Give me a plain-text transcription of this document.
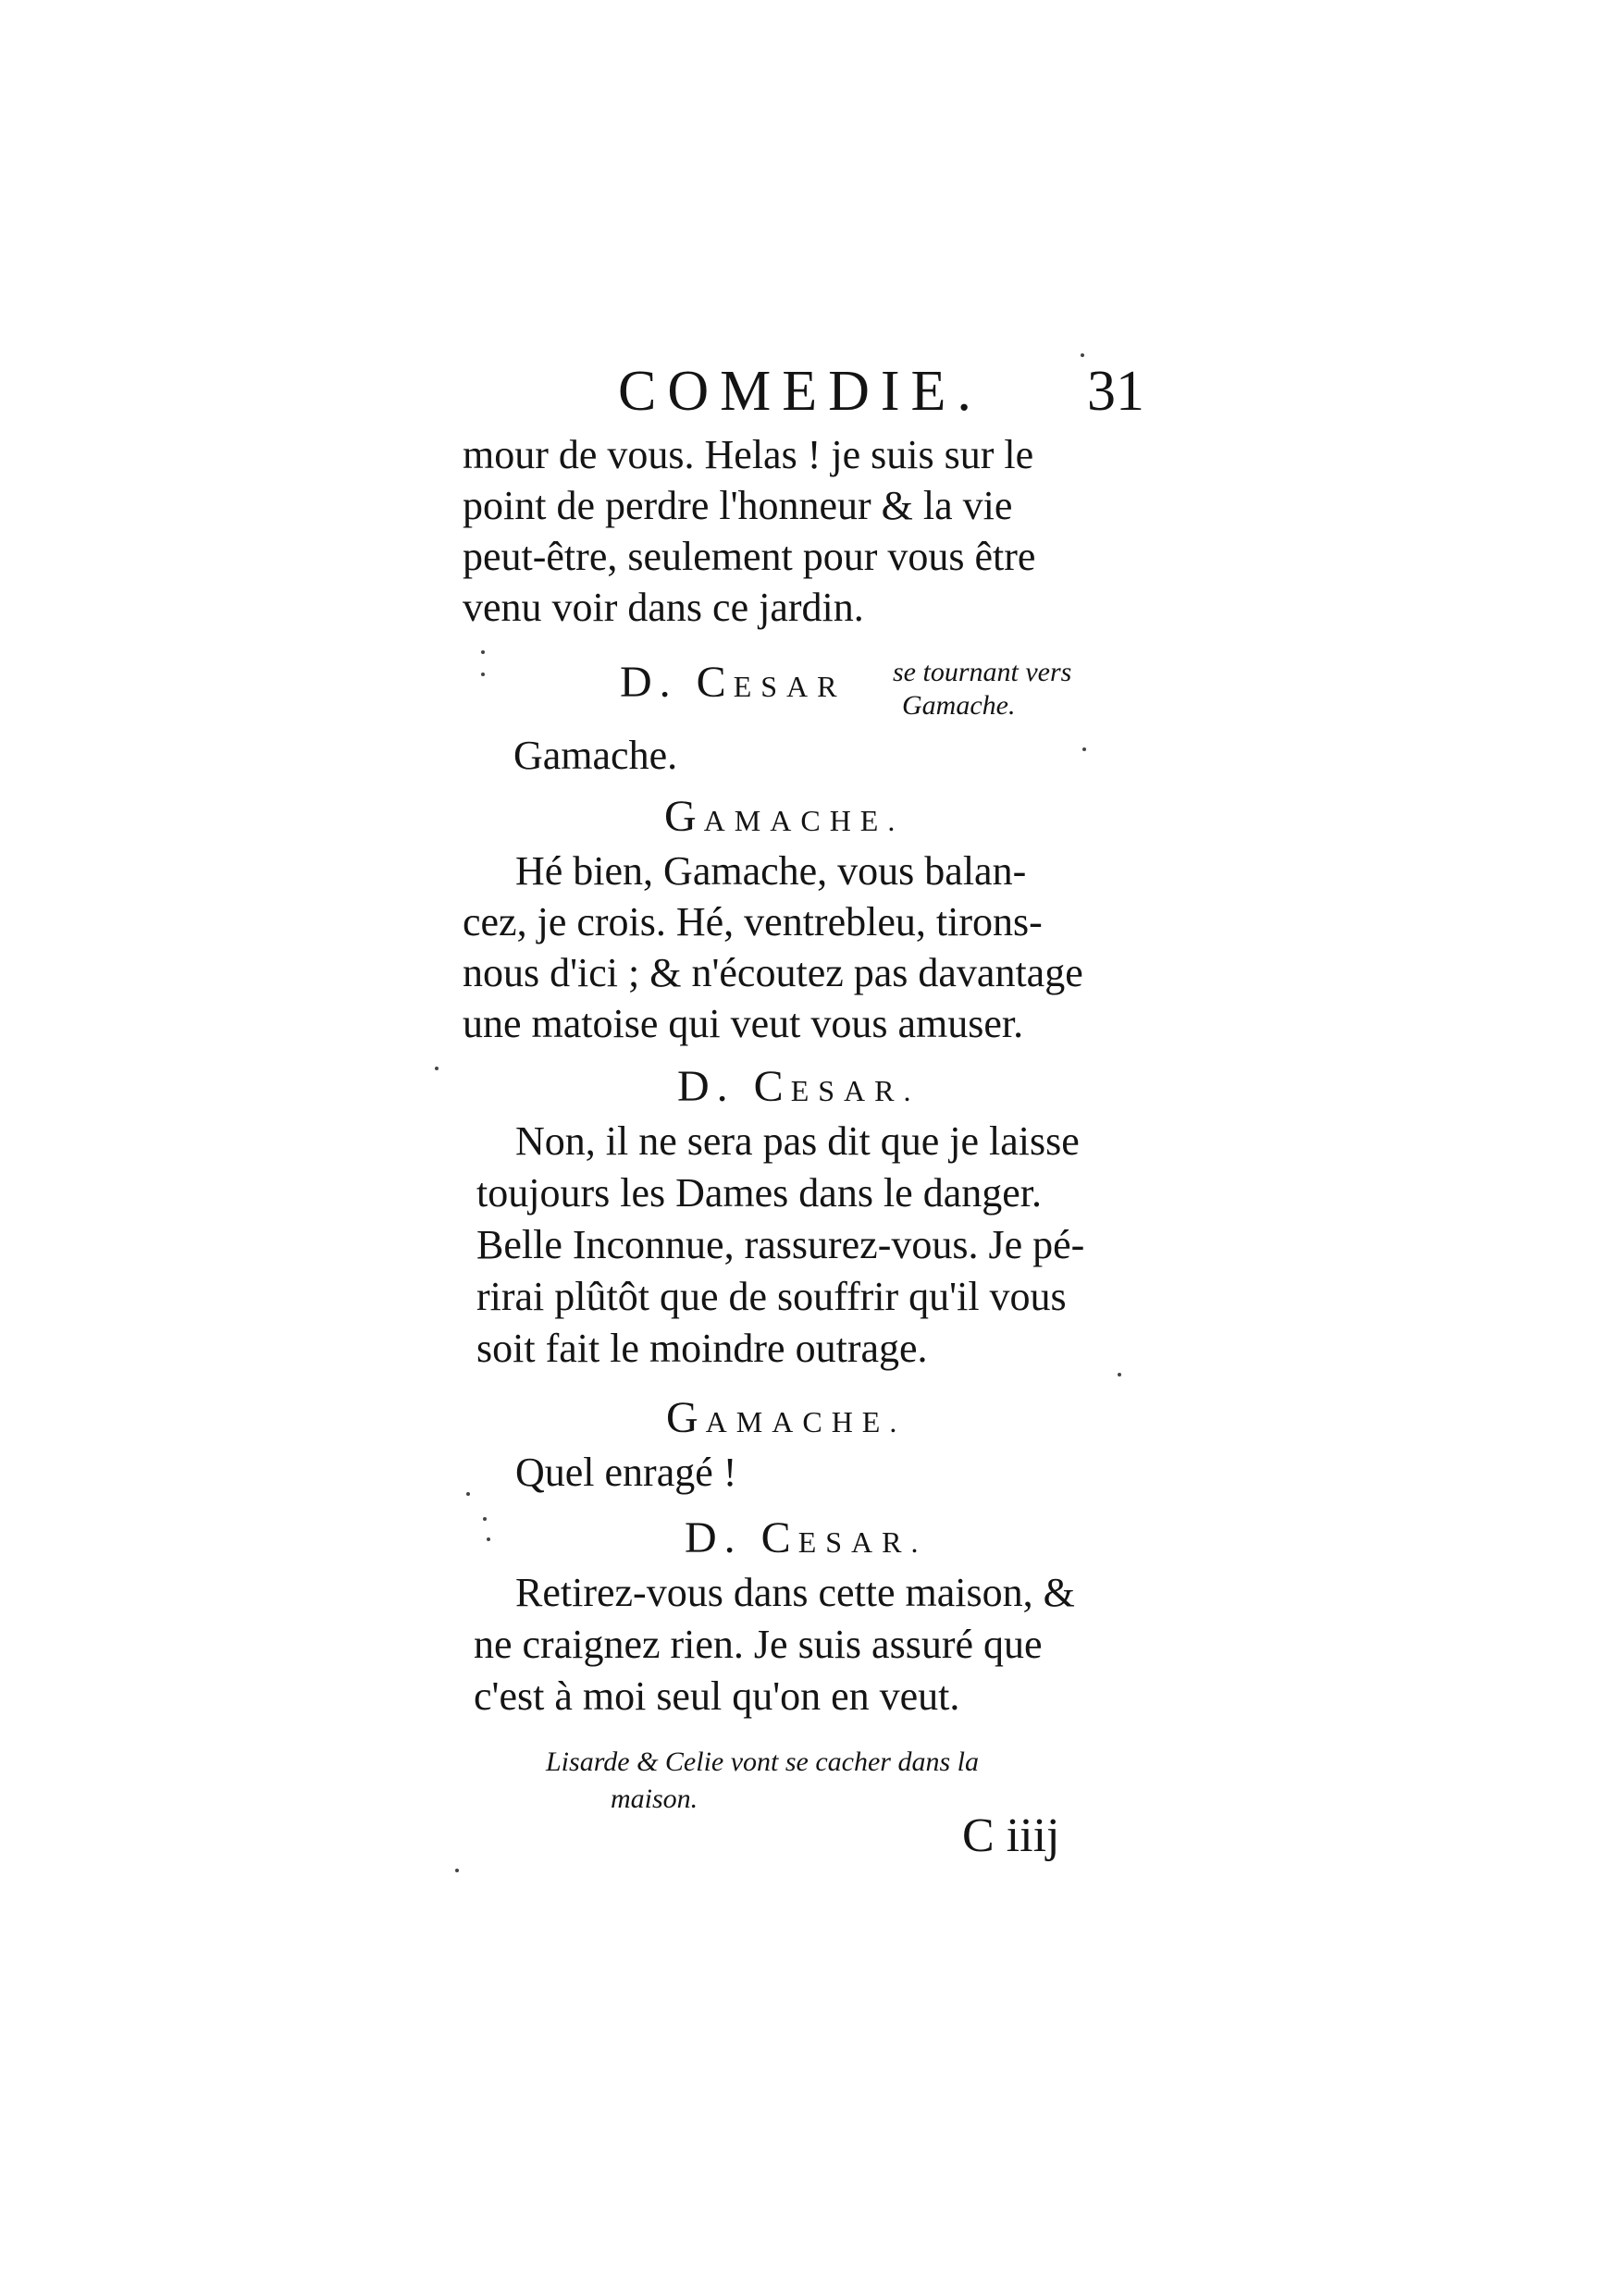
COMEDIE. 31
mour de vous. Helas ! je suis sur le
point de perdre l'honneur & la vie
peut-être, seulement pour vous être
venu voir dans ce jardin.
D. CESAR se tournant vers
Gamache.
Gamache.
GAMACHE.
Hé bien, Gamache, vous balan-
cez, je crois. Hé, ventrebleu, tirons-
nous d'ici ; & n'écoutez pas davantage
une matoise qui veut vous amuser.
D. CESAR.
Non, il ne sera pas dit que je laisse
toujours les Dames dans le danger.
Belle Inconnue, rassurez-vous. Je pé-
rirai plûtôt que de souffrir qu'il vous
soit fait le moindre outrage.
GAMACHE.
Quel enragé !
D. CESAR.
Retirez-vous dans cette maison, &
ne craignez rien. Je suis assuré que
c'est à moi seul qu'on en veut.
Lisarde & Celie vont se cacher dans la
maison.
C iiij
